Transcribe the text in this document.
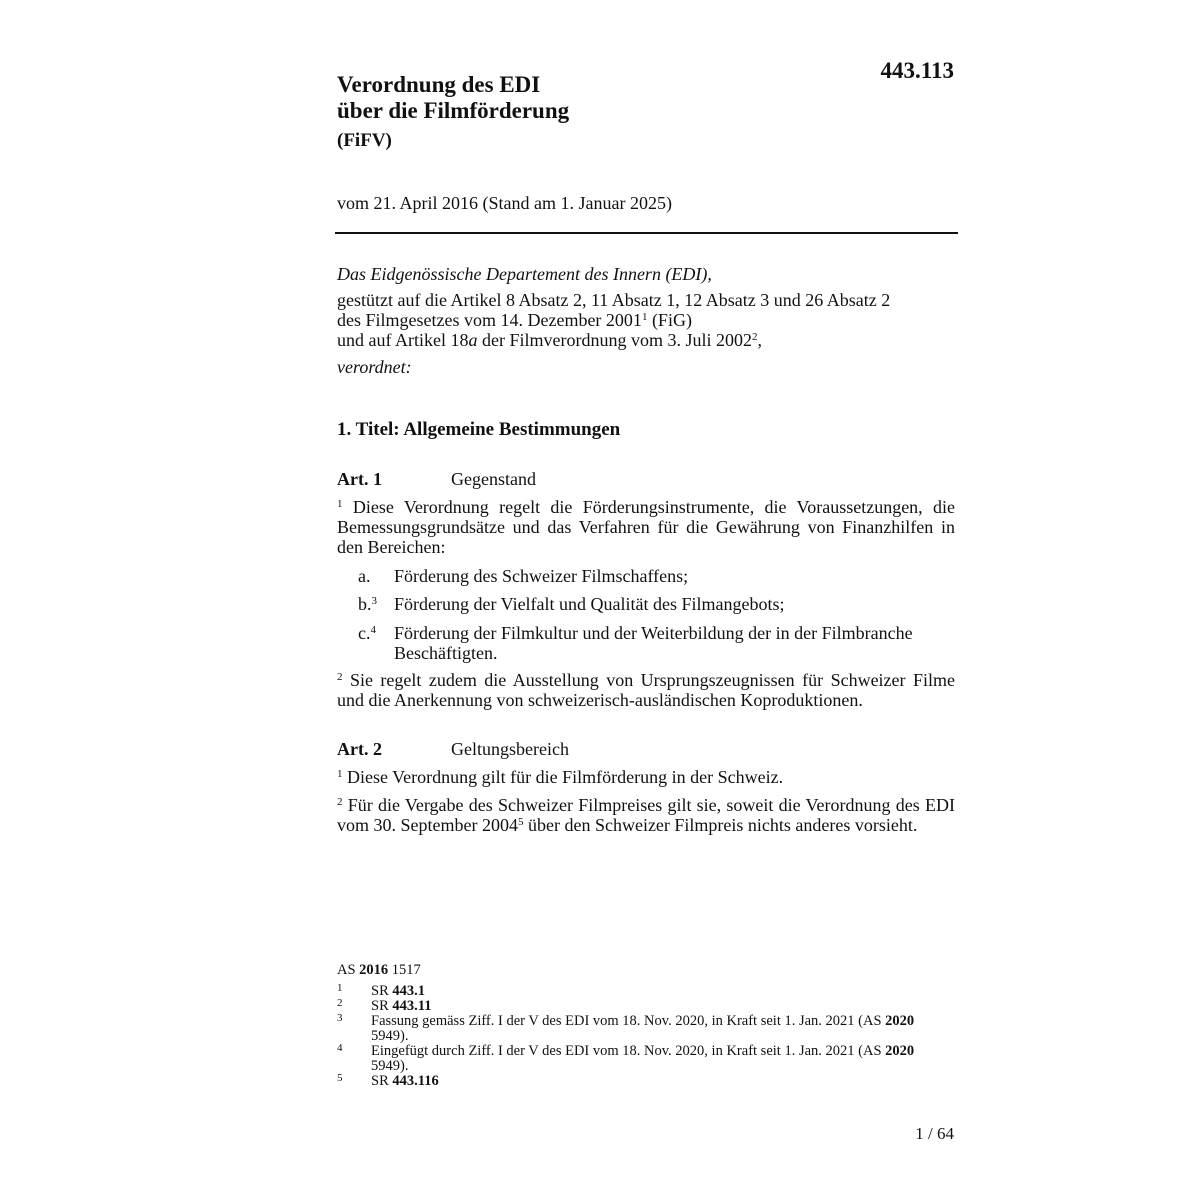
443.113
Verordnung des EDI
über die Filmförderung
(FiFV)
vom 21. April 2016 (Stand am 1. Januar 2025)
Das Eidgenössische Departement des Innern (EDI),
gestützt auf die Artikel 8 Absatz 2, 11 Absatz 1, 12 Absatz 3 und 26 Absatz 2
des Filmgesetzes vom 14. Dezember 2001$^1$ (FiG)
und auf Artikel 18a der Filmverordnung vom 3. Juli 2002$^2$,
verordnet:
1. Titel: Allgemeine Bestimmungen
Art. 1	Gegenstand
$^1$ Diese Verordnung regelt die Förderungsinstrumente, die Voraussetzungen, die Bemessungsgrundsätze und das Verfahren für die Gewährung von Finanzhilfen in den Bereichen:
a. Förderung des Schweizer Filmschaffens;
b.$^3$ Förderung der Vielfalt und Qualität des Filmangebots;
c.$^4$ Förderung der Filmkultur und der Weiterbildung der in der Filmbranche Beschäftigten.
$^2$ Sie regelt zudem die Ausstellung von Ursprungszeugnissen für Schweizer Filme und die Anerkennung von schweizerisch-ausländischen Koproduktionen.
Art. 2	Geltungsbereich
$^1$ Diese Verordnung gilt für die Filmförderung in der Schweiz.
$^2$ Für die Vergabe des Schweizer Filmpreises gilt sie, soweit die Verordnung des EDI vom 30. September 2004$^5$ über den Schweizer Filmpreis nichts anderes vorsieht.
AS 2016 1517
1 SR 443.1
2 SR 443.11
3 Fassung gemäss Ziff. I der V des EDI vom 18. Nov. 2020, in Kraft seit 1. Jan. 2021 (AS 2020 5949).
4 Eingefügt durch Ziff. I der V des EDI vom 18. Nov. 2020, in Kraft seit 1. Jan. 2021 (AS 2020 5949).
5 SR 443.116
1 / 64
